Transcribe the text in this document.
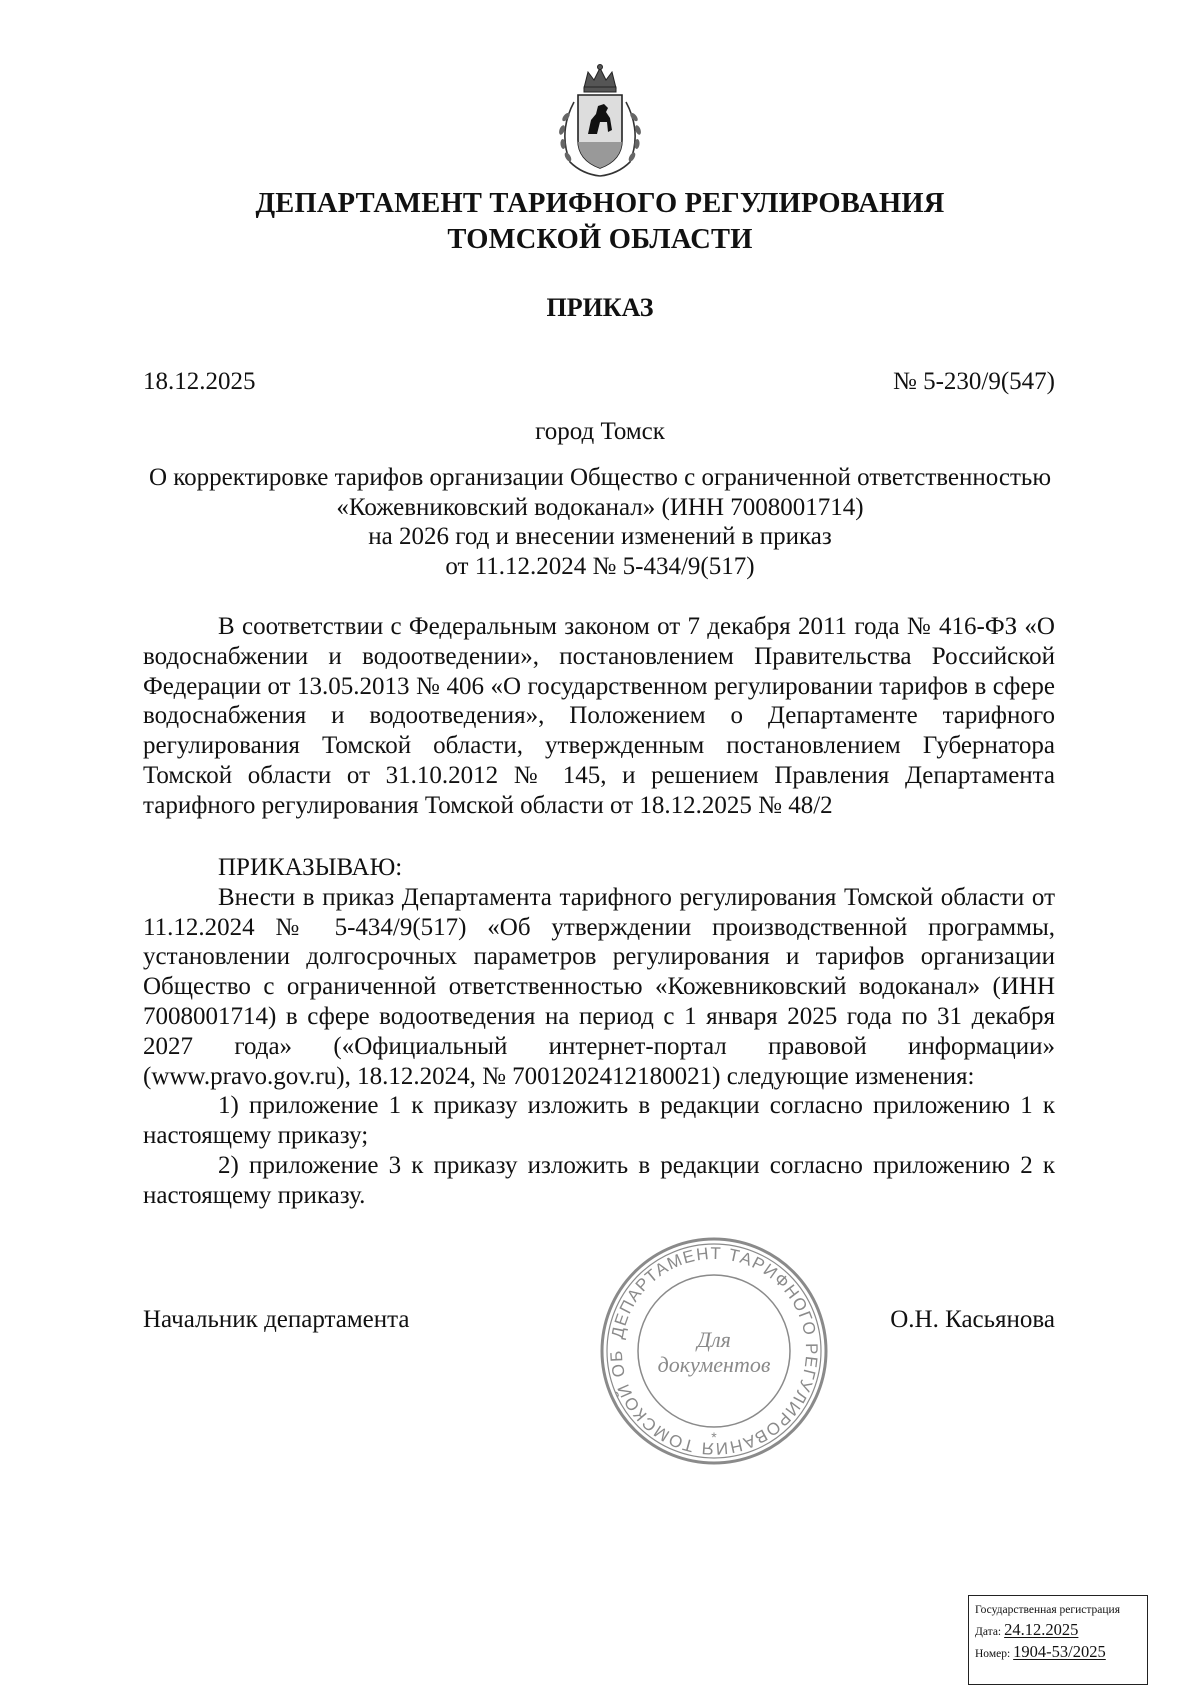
ДЕПАРТАМЕНТ ТАРИФНОГО РЕГУЛИРОВАНИЯ
ТОМСКОЙ ОБЛАСТИ
ПРИКАЗ
18.12.2025	№ 5-230/9(547)
город Томск
О корректировке тарифов организации Общество с ограниченной ответственностью
«Кожевниковский водоканал» (ИНН 7008001714)
на 2026 год и внесении изменений в приказ
от 11.12.2024 № 5-434/9(517)

В соответствии с Федеральным законом от 7 декабря 2011 года № 416-ФЗ «О водоснабжении и водоотведении», постановлением Правительства Российской Федерации от 13.05.2013 № 406 «О государственном регулировании тарифов в сфере водоснабжения и водоотведения», Положением о Департаменте тарифного регулирования Томской области, утвержденным постановлением Губернатора Томской области от 31.10.2012 № 145, и решением Правления Департамента тарифного регулирования Томской области от 18.12.2025 № 48/2

ПРИКАЗЫВАЮ:

Внести в приказ Департамента тарифного регулирования Томской области от 11.12.2024 № 5-434/9(517) «Об утверждении производственной программы, установлении долгосрочных параметров регулирования и тарифов организации Общество с ограниченной ответственностью «Кожевниковский водоканал» (ИНН 7008001714) в сфере водоотведения на период с 1 января 2025 года по 31 декабря 2027 года» («Официальный интернет-портал правовой информации» (www.pravo.gov.ru), 18.12.2024, № 7001202412180021) следующие изменения:

1) приложение 1 к приказу изложить в редакции согласно приложению 1 к настоящему приказу;

2) приложение 3 к приказу изложить в редакции согласно приложению 2 к настоящему приказу.

Начальник департамента	О.Н. Касьянова
ДЕПАРТАМЕНТ ТАРИФНОГО РЕГУЛИРОВАНИЯ ТОМСКОЙ ОБ
Для
документов
*
Государственная регистрация
Дата: 24.12.2025
Номер: 1904-53/2025
